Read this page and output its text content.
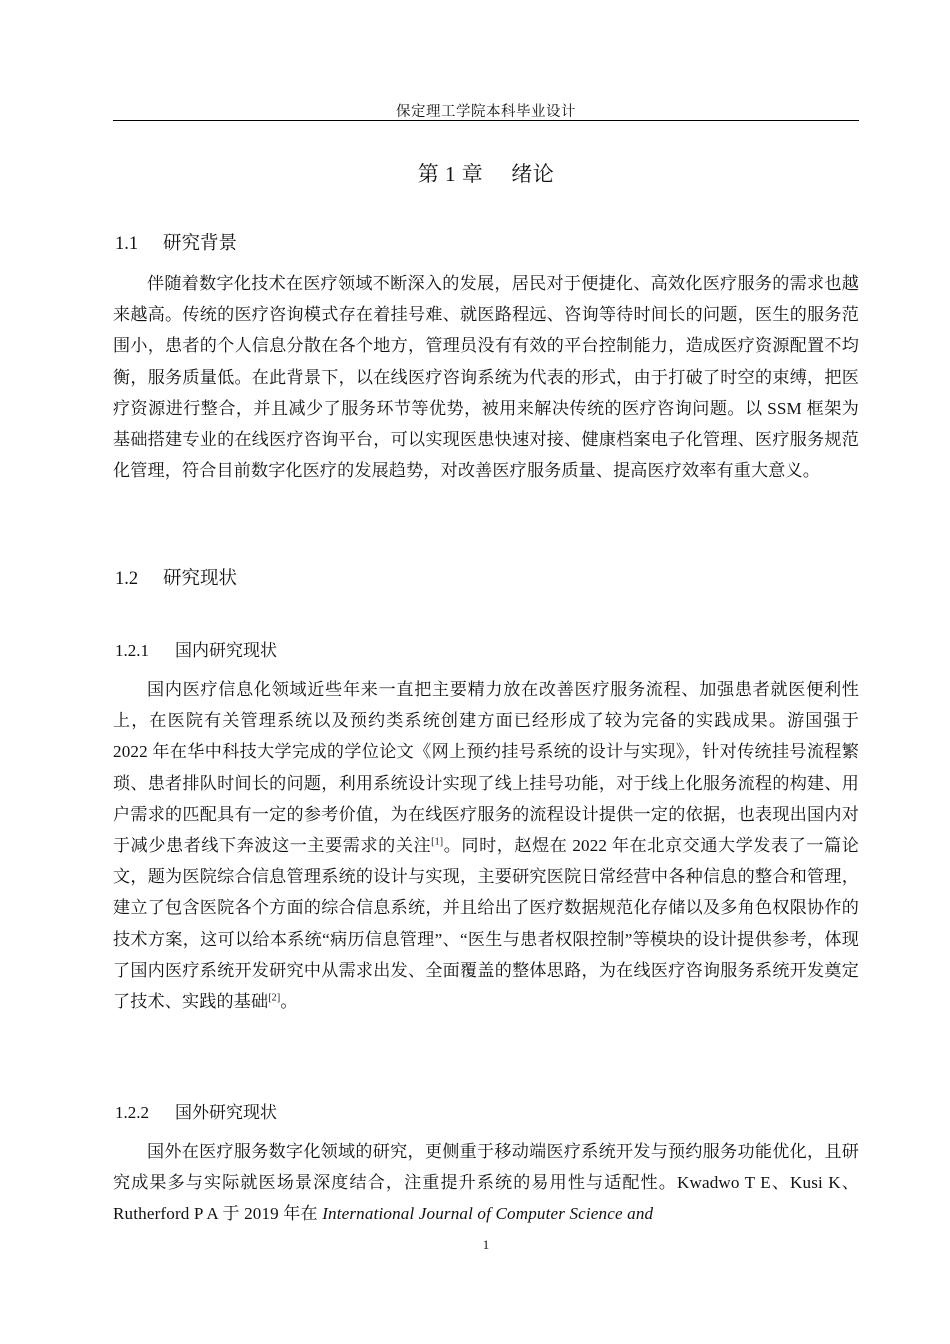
保定理工学院本科毕业设计
第 1 章 绪论
1.1 研究背景

伴随着数字化技术在医疗领域不断深入的发展，居民对于便捷化、高效化医疗服务的需求也越来越高。传统的医疗咨询模式存在着挂号难、就医路程远、咨询等待时间长的问题，医生的服务范围小，患者的个人信息分散在各个地方，管理员没有有效的平台控制能力，造成医疗资源配置不均衡，服务质量低。在此背景下，以在线医疗咨询系统为代表的形式，由于打破了时空的束缚，把医疗资源进行整合，并且减少了服务环节等优势，被用来解决传统的医疗咨询问题。以 SSM 框架为基础搭建专业的在线医疗咨询平台，可以实现医患快速对接、健康档案电子化管理、医疗服务规范化管理，符合目前数字化医疗的发展趋势，对改善医疗服务质量、提高医疗效率有重大意义。

1.2 研究现状
1.2.1 国内研究现状

国内医疗信息化领域近些年来一直把主要精力放在改善医疗服务流程、加强患者就医便利性上，在医院有关管理系统以及预约类系统创建方面已经形成了较为完备的实践成果。游国强于 2022 年在华中科技大学完成的学位论文《网上预约挂号系统的设计与实现》，针对传统挂号流程繁琐、患者排队时间长的问题，利用系统设计实现了线上挂号功能，对于线上化服务流程的构建、用户需求的匹配具有一定的参考价值，为在线医疗服务的流程设计提供一定的依据，也表现出国内对于减少患者线下奔波这一主要需求的关注[1]。同时，赵煜在 2022 年在北京交通大学发表了一篇论文，题为医院综合信息管理系统的设计与实现，主要研究医院日常经营中各种信息的整合和管理，建立了包含医院各个方面的综合信息系统，并且给出了医疗数据规范化存储以及多角色权限协作的技术方案，这可以给本系统“病历信息管理”、“医生与患者权限控制”等模块的设计提供参考，体现了国内医疗系统开发研究中从需求出发、全面覆盖的整体思路，为在线医疗咨询服务系统开发奠定了技术、实践的基础[2]。

1.2.2 国外研究现状

国外在医疗服务数字化领域的研究，更侧重于移动端医疗系统开发与预约服务功能优化，且研究成果多与实际就医场景深度结合，注重提升系统的易用性与适配性。Kwadwo T E、Kusi K、Rutherford P A 于 2019 年在 International Journal of Computer Science and

1
